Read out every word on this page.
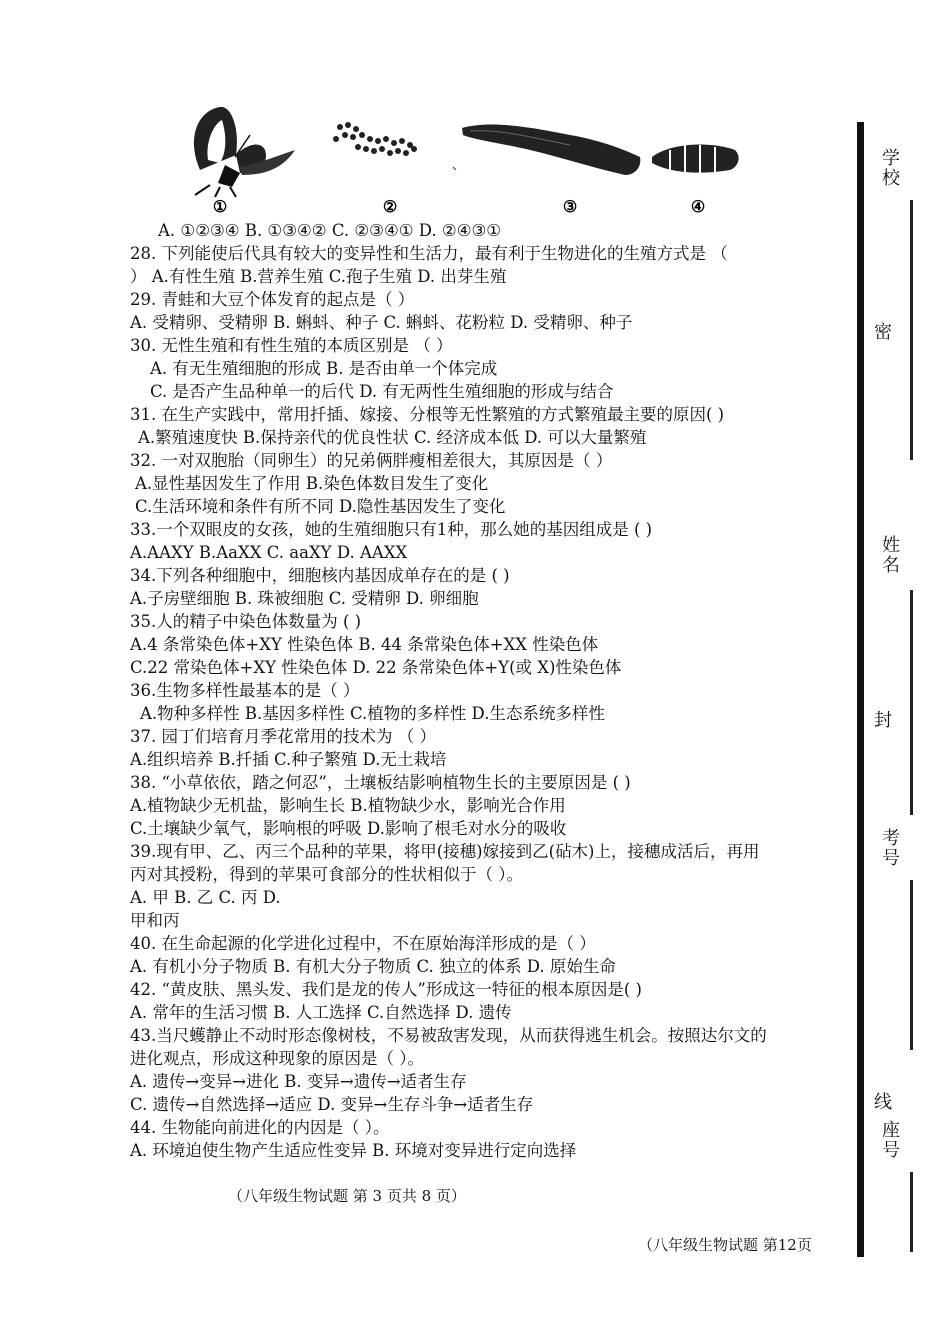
①	②	③	④
A. ①②③④ B. ①③④② C. ②③④① D. ②④③①
28. 下列能使后代具有较大的变异性和生活力，最有利于生物进化的生殖方式是 （
） A.有性生殖 B.营养生殖 C.孢子生殖 D. 出芽生殖
29. 青蛙和大豆个体发育的起点是（ ）
A. 受精卵、受精卵 B. 蝌蚪、种子 C. 蝌蚪、花粉粒 D. 受精卵、种子
30. 无性生殖和有性生殖的本质区别是 （ ）
A. 有无生殖细胞的形成 B. 是否由单一个体完成
C. 是否产生品种单一的后代 D. 有无两性生殖细胞的形成与结合
31. 在生产实践中，常用扦插、嫁接、分根等无性繁殖的方式繁殖最主要的原因( )
A.繁殖速度快 B.保持亲代的优良性状 C. 经济成本低 D. 可以大量繁殖
32. 一对双胞胎（同卵生）的兄弟俩胖瘦相差很大，其原因是（ ）
A.显性基因发生了作用 B.染色体数目发生了变化
C.生活环境和条件有所不同 D.隐性基因发生了变化
33.一个双眼皮的女孩，她的生殖细胞只有1种，那么她的基因组成是 ( )
A.AAXY B.AaXX C. aaXY D. AAXX
34.下列各种细胞中，细胞核内基因成单存在的是 ( )
A.子房壁细胞 B. 珠被细胞 C. 受精卵 D. 卵细胞
35.人的精子中染色体数量为 ( )
A.4 条常染色体+XY 性染色体 B. 44 条常染色体+XX 性染色体
C.22 常染色体+XY 性染色体 D. 22 条常染色体+Y(或 X)性染色体
36.生物多样性最基本的是（ ）
A.物种多样性 B.基因多样性 C.植物的多样性 D.生态系统多样性
37. 园丁们培育月季花常用的技术为 （ ）
A.组织培养 B.扦插 C.种子繁殖 D.无土栽培
38. “小草依依，踏之何忍”，土壤板结影响植物生长的主要原因是 ( )
A.植物缺少无机盐，影响生长 B.植物缺少水，影响光合作用
C.土壤缺少氧气，影响根的呼吸 D.影响了根毛对水分的吸收
39.现有甲、乙、丙三个品种的苹果，将甲(接穗)嫁接到乙(砧木)上，接穗成活后，再用
丙对其授粉，得到的苹果可食部分的性状相似于（ ）。
A. 甲 B. 乙 C. 丙 D.
甲和丙
40. 在生命起源的化学进化过程中，不在原始海洋形成的是（ ）
A. 有机小分子物质 B. 有机大分子物质 C. 独立的体系 D. 原始生命
42. “黄皮肤、黑头发、我们是龙的传人”形成这一特征的根本原因是( )
A. 常年的生活习惯 B. 人工选择 C.自然选择 D. 遗传
43.当尺蠖静止不动时形态像树枝，不易被敌害发现，从而获得逃生机会。按照达尔文的
进化观点，形成这种现象的原因是（ ）。
A. 遗传→变异→进化 B. 变异→遗传→适者生存
C. 遗传→自然选择→适应 D. 变异→生存斗争→适者生存
44. 生物能向前进化的内因是（ ）。
A. 环境迫使生物产生适应性变异 B. 环境对变异进行定向选择
（八年级生物试题 第 3 页共 8 页）
（八年级生物试题 第12页
学校
密
姓名
封
考号
线
座号
